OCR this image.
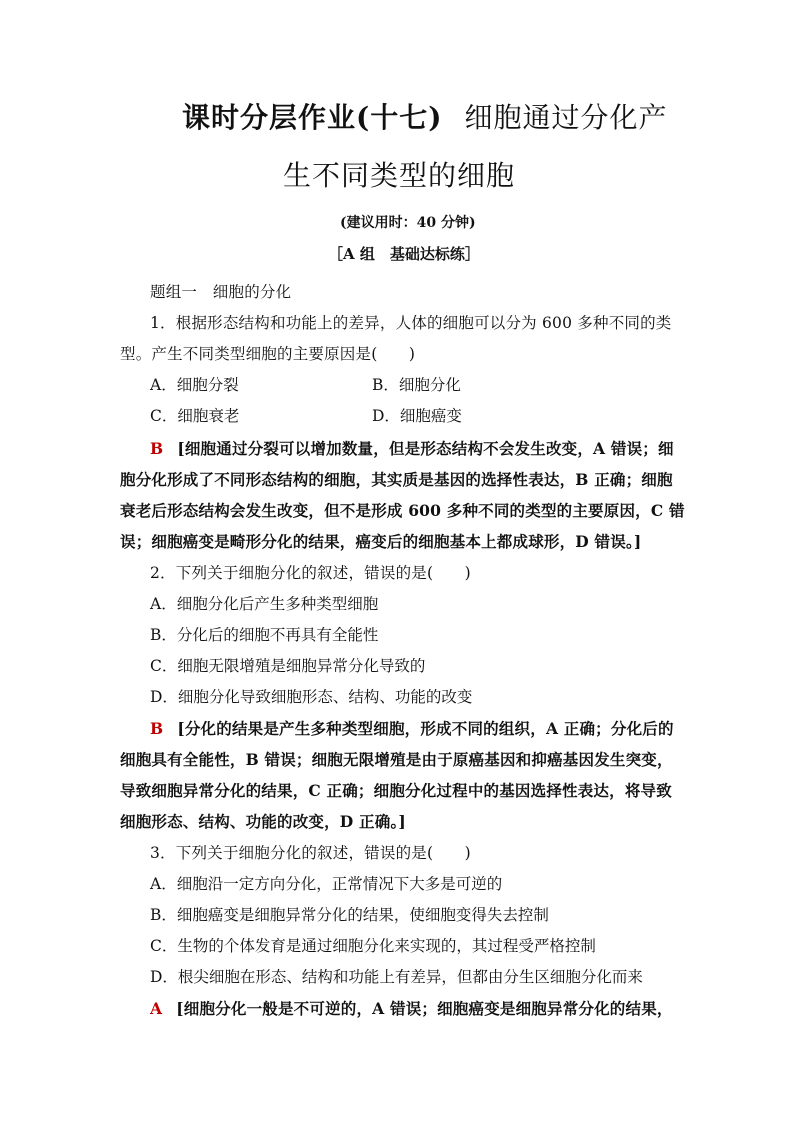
课时分层作业(十七) 细胞通过分化产
生不同类型的细胞
(建议用时：40 分钟)
［A 组　基础达标练］
题组一　细胞的分化
1．根据形态结构和功能上的差异，人体的细胞可以分为 600 多种不同的类
型。产生不同类型细胞的主要原因是(　　)
A．细胞分裂	B．细胞分化
C．细胞衰老	D．细胞癌变
B [细胞通过分裂可以增加数量，但是形态结构不会发生改变，A 错误；细
胞分化形成了不同形态结构的细胞，其实质是基因的选择性表达，B 正确；细胞
衰老后形态结构会发生改变，但不是形成 600 多种不同的类型的主要原因，C 错
误；细胞癌变是畸形分化的结果，癌变后的细胞基本上都成球形，D 错误。]
2．下列关于细胞分化的叙述，错误的是(　　)
A．细胞分化后产生多种类型细胞
B．分化后的细胞不再具有全能性
C．细胞无限增殖是细胞异常分化导致的
D．细胞分化导致细胞形态、结构、功能的改变
B [分化的结果是产生多种类型细胞，形成不同的组织，A 正确；分化后的
细胞具有全能性，B 错误；细胞无限增殖是由于原癌基因和抑癌基因发生突变，
导致细胞异常分化的结果，C 正确；细胞分化过程中的基因选择性表达，将导致
细胞形态、结构、功能的改变，D 正确。]
3．下列关于细胞分化的叙述，错误的是(　　)
A．细胞沿一定方向分化，正常情况下大多是可逆的
B．细胞癌变是细胞异常分化的结果，使细胞变得失去控制
C．生物的个体发育是通过细胞分化来实现的，其过程受严格控制
D．根尖细胞在形态、结构和功能上有差异，但都由分生区细胞分化而来
A [细胞分化一般是不可逆的，A 错误；细胞癌变是细胞异常分化的结果，
